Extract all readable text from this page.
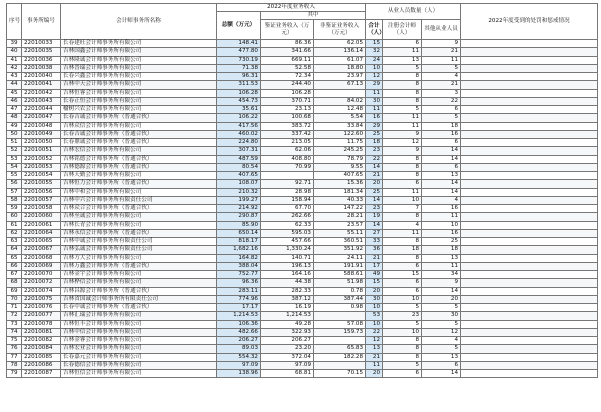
序号	事务所编号	会计师事务所名称	2022年度业务收入			从业人员数量（人）			2022年度受到的处罚和惩戒情况
			总额（万元）	其中					
				鉴证业务收入（万元）	非鉴证业务收入（万元）	合计（人）	注册会计师（人）	其他从业人员	
39	22010033	长春建旺会计师事务所有限公司	148.41	86.36	62.05	15	6	9	
40	22010035	吉林国鑫会计师事务所有限公司	477.80	341.66	136.14	32	11	21	
41	22010036	吉林隆诚会计师事务所有限公司	730.19	669.11	61.07	24	13	11	
42	22010038	吉林晋瑞会计师事务所有限公司	71.38	52.58	18.80	10	5	5	
43	22010040	长春兴鑫会计师事务所有限公司	96.31	72.34	23.97	12	8	4	
44	22010041	吉林中天会计师事务所有限公司	311.53	244.40	67.13	29	8	21	
45	22010042	吉林恒睿会计师事务所有限公司	106.28	106.28		11	8	3	
46	22010043	长春正恒会计师事务所有限公司	454.73	370.71	84.02	30	8	22	
47	22010044	榆树兴农会计师事务所有限公司	35.61	23.13	12.48	11	5	6	
48	22010047	长春吉诚会计师事务所（普通合伙）	106.22	100.68	5.54	16	11	5	
49	22010048	吉林众信会计师事务所有限公司	417.56	383.72	33.84	29	11	18	
50	22010049	长春吉诚会计师事务所（普通合伙）	460.02	337.42	122.60	25	9	16	
51	22010050	长春鼎诚会计师事务所（普通合伙）	224.80	213.05	11.75	18	12	6	
52	22010051	吉林宏信会计师事务所有限公司	307.31	62.06	245.25	23	9	14	
53	22010052	吉林铭德会计师事务所（普通合伙）	487.59	408.80	78.79	22	8	14	
54	22010053	吉林德源会计师事务所（普通合伙）	80.54	70.99	9.55	14	8	6	
55	22010054	吉林天勤会计师事务所有限公司	407.65		407.65	21	8	13	
56	22010055	吉林恒力会计师事务所（普通合伙）	108.07	92.71	15.36	20	6	14	
57	22010056	吉林中和会计师事务所有限公司	210.32	28.98	181.34	25	11	14	
58	22010057	吉林中兴会计师事务所有限责任公司	199.27	158.94	40.33	14	10	4	
59	22010058	吉林众合会计师事务所（普通合伙）	214.92	67.70	147.22	23	7	16	
60	22010060	吉林至诚会计师事务所有限公司	290.87	262.66	28.21	19	8	11	
61	22010061	吉林长青会计师事务所有限公司	85.90	62.33	23.57	14	4	10	
62	22010064	吉林永信会计师事务所（普通合伙）	650.14	595.03	55.11	27	11	16	
63	22010065	吉林中诚会计师事务所有限责任公司	818.17	457.66	360.51	33	8	25	
64	22010067	吉林弘诚会计师事务所有限责任公司	1,682.16	1,330.24	351.92	36	18	18	
65	22010068	吉林方大会计师事务所有限公司	164.82	140.71	24.11	21	8	13	
66	22010069	吉林万鑫会计师事务所（普通合伙）	388.04	196.13	191.91	17	6	11	
67	22010070	吉林金宇会计师事务所有限公司	752.77	164.16	588.61	49	15	34	
68	22010072	吉林桦信会计师事务所有限公司	96.36	44.38	51.98	15	6	9	
69	22010074	吉林昌源会计师事务所（普通合伙）	283.11	282.33	0.78	20	6	14	
70	22010075	吉林省国诚会计师事务所有限责任公司	774.96	387.12	387.44	30	10	20	
71	22010076	长春中诚会计师事务所（普通合伙）	17.17	16.19	0.98	10	5	5	
72	22010077	吉林汇瑞会计师事务所有限公司	1,214.53	1,214.53		53	23	30	
73	22010078	吉林恒丰会计师事务所有限公司	106.36	49.28	57.08	10	5	5	
74	22010081	吉林中信会计师事务所有限公司	482.66	322.93	159.73	22	10	12	
75	22010082	吉林金睿会计师事务所有限公司	206.27	206.27		12	8	4	
76	22010084	吉林宏业会计师事务所有限公司	89.03	23.20	65.83	13	8	5	
77	22010085	长春嘉元会计师事务所有限公司	554.32	372.04	182.28	21	8	13	
78	22010086	长春德信会计师事务所有限公司	97.09	97.09		11	5	6	
79	22010087	吉林恒信会计师事务所有限公司	138.96	68.81	70.15	20	6	14	
